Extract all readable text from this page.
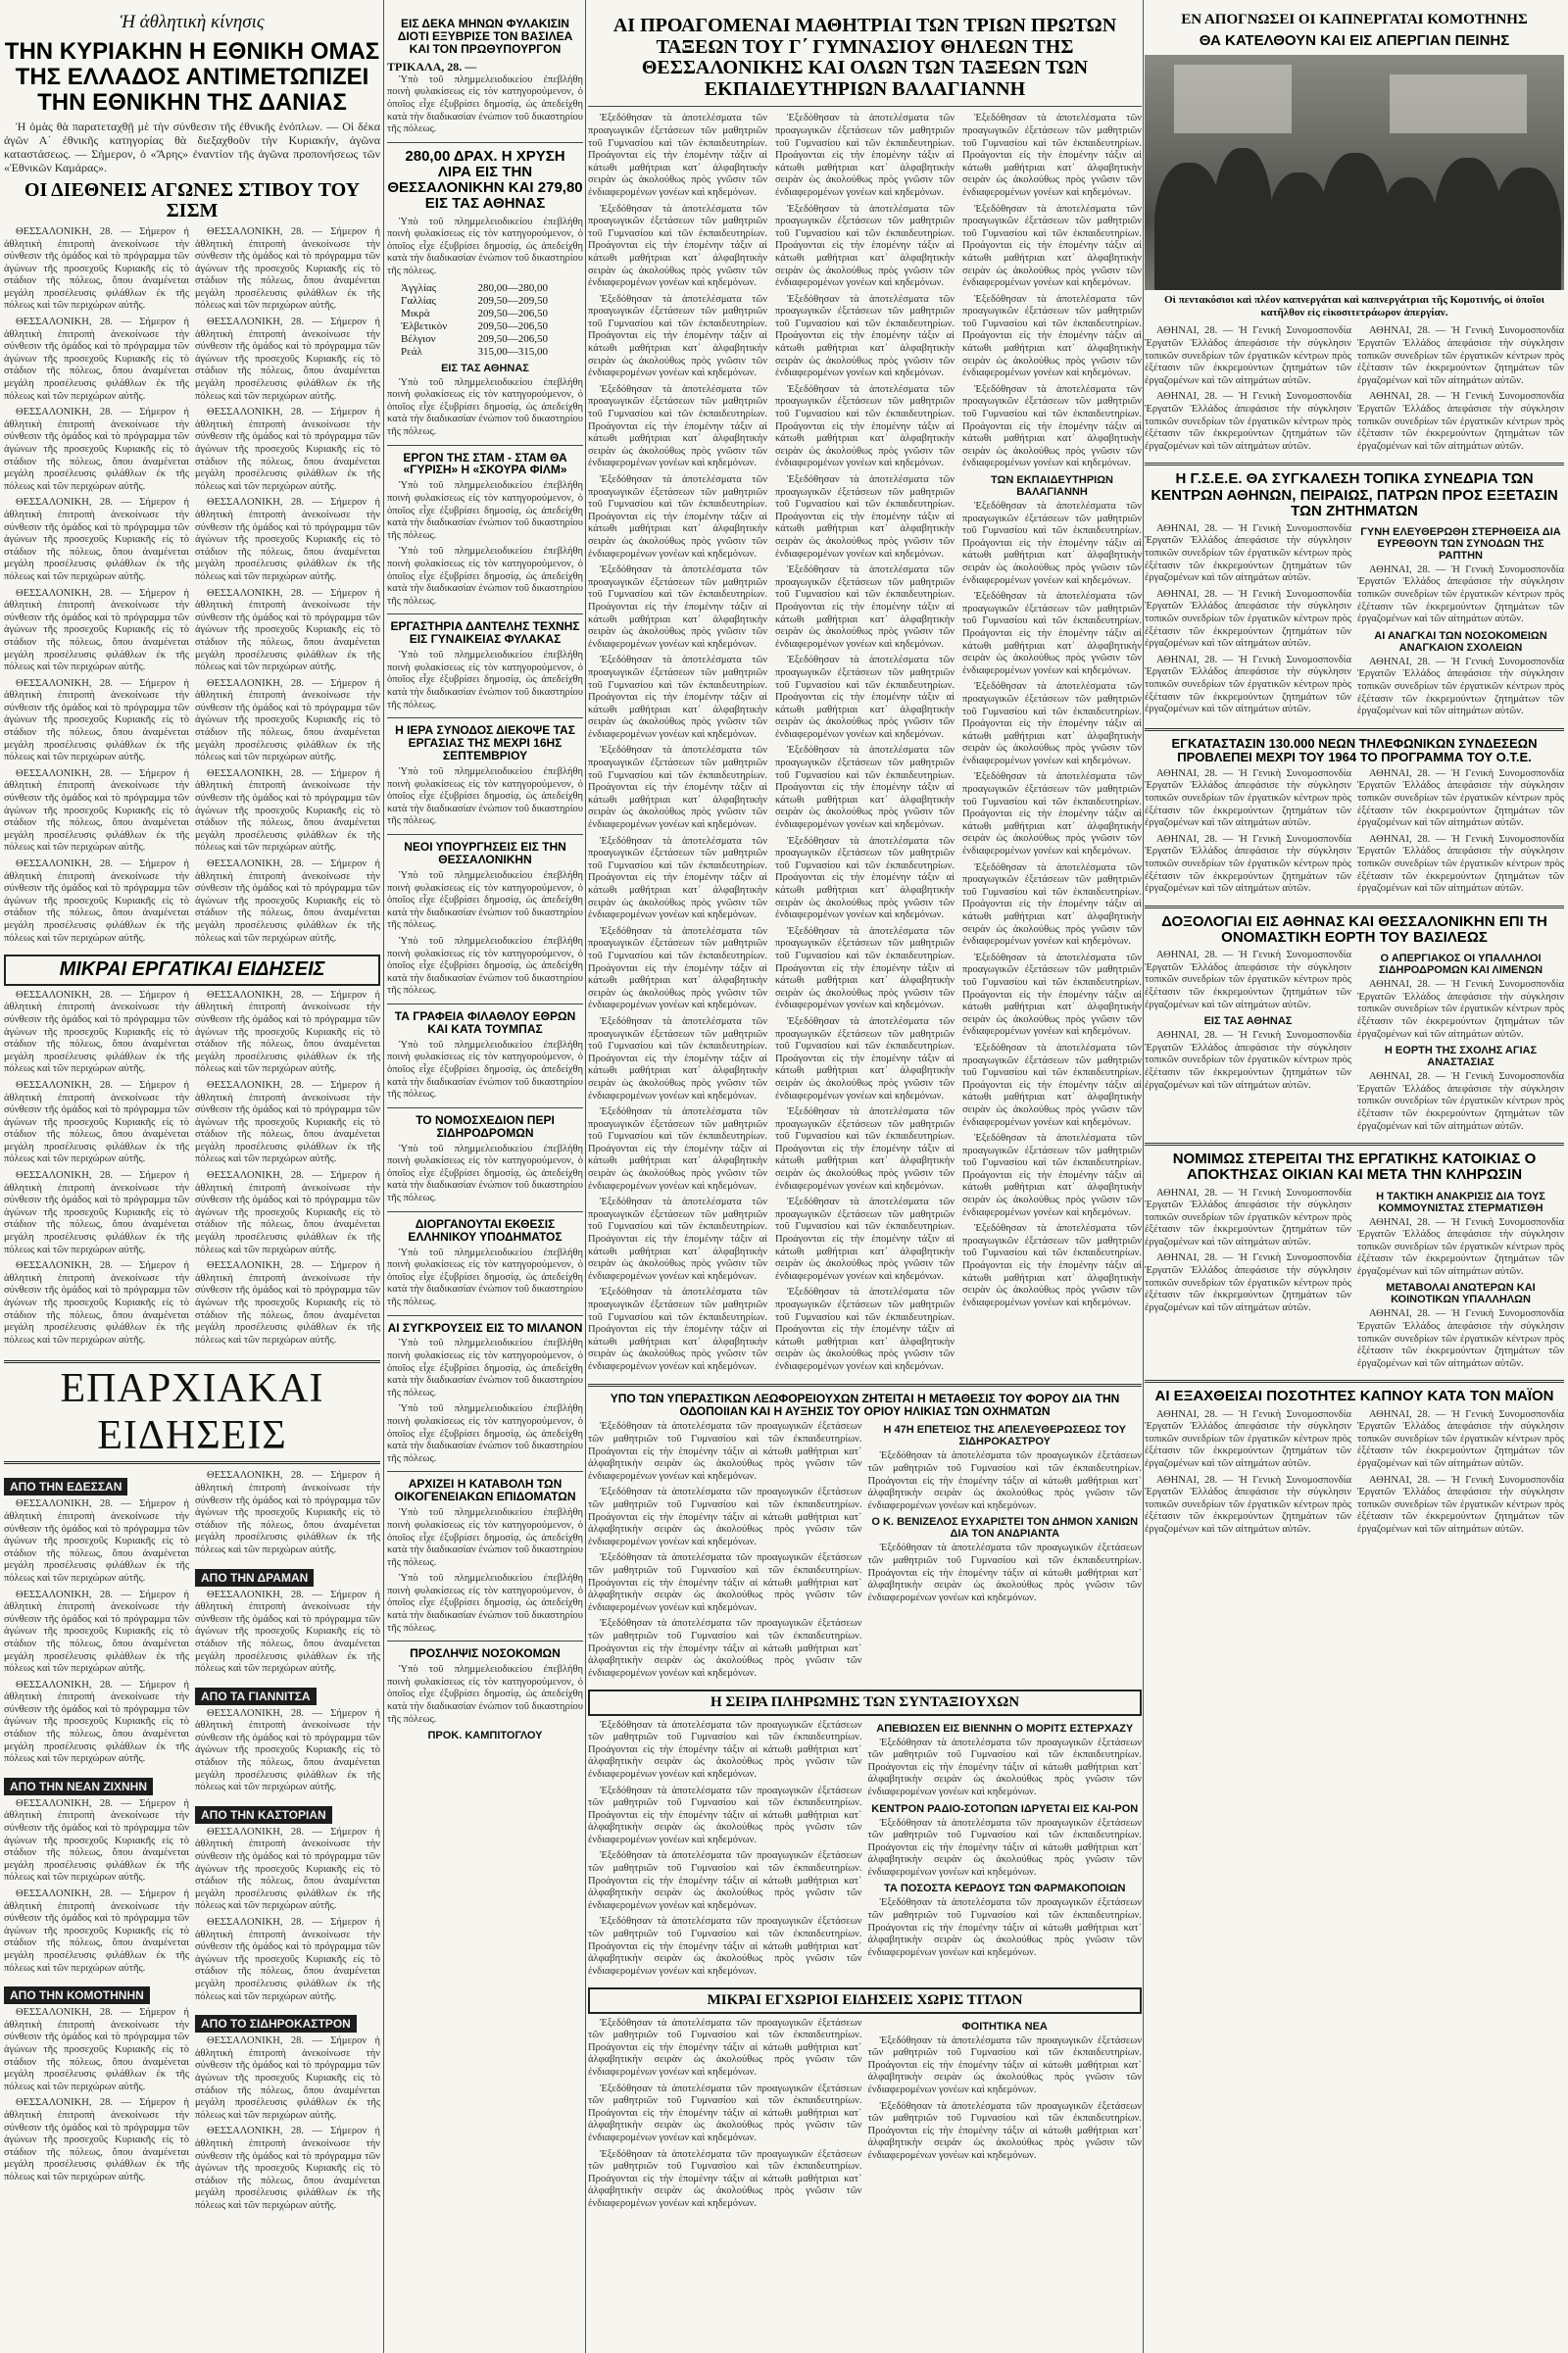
Ἡ ἀθλητικὴ κίνησις
ΤΗΝ ΚΥΡΙΑΚΗΝ Η ΕΘΝΙΚΗ ΟΜΑΣ ΤΗΣ ΕΛΛΑΔΟΣ ΑΝΤΙΜΕΤΩΠΙΖΕΙ ΤΗΝ ΕΘΝΙΚΗΝ ΤΗΣ ΔΑΝΙΑΣ

Ἡ ὁμὰς θὰ παρατεταχθῇ μὲ τὴν σύνθεσιν τῆς ἐθνικῆς ἑνόπλων. — Οἱ δέκα ἀγῶν Α΄ ἐθνικῆς κατηγορίας θὰ διεξαχθοῦν τὴν Κυριακήν, ἀγῶνα καταστάσεως. — Σήμερον, ὁ «Ἄρης» ἐναντίον τῆς ἀγῶνα προπονήσεως τῶν «Ἐθνικῶν Καμάρας».

ΟΙ ΔΙΕΘΝΕΙΣ ΑΓΩΝΕΣ ΣΤΙΒΟΥ ΤΟΥ ΣΙΣΜ

ΘΕΣΣΑΛΟΝΙΚΗ, 28. — Σήμερον ἡ ἀθλητικὴ ἐπιτροπὴ ἀνεκοίνωσε τὴν σύνθεσιν τῆς ὁμάδος καὶ τὸ πρόγραμμα τῶν ἀγώνων τῆς προσεχοῦς Κυριακῆς εἰς τὸ στάδιον τῆς πόλεως, ὅπου ἀναμένεται μεγάλη προσέλευσις φιλάθλων ἐκ τῆς πόλεως καὶ τῶν περιχώρων αὐτῆς.

ΘΕΣΣΑΛΟΝΙΚΗ, 28. — Σήμερον ἡ ἀθλητικὴ ἐπιτροπὴ ἀνεκοίνωσε τὴν σύνθεσιν τῆς ὁμάδος καὶ τὸ πρόγραμμα τῶν ἀγώνων τῆς προσεχοῦς Κυριακῆς εἰς τὸ στάδιον τῆς πόλεως, ὅπου ἀναμένεται μεγάλη προσέλευσις φιλάθλων ἐκ τῆς πόλεως καὶ τῶν περιχώρων αὐτῆς.

ΘΕΣΣΑΛΟΝΙΚΗ, 28. — Σήμερον ἡ ἀθλητικὴ ἐπιτροπὴ ἀνεκοίνωσε τὴν σύνθεσιν τῆς ὁμάδος καὶ τὸ πρόγραμμα τῶν ἀγώνων τῆς προσεχοῦς Κυριακῆς εἰς τὸ στάδιον τῆς πόλεως, ὅπου ἀναμένεται μεγάλη προσέλευσις φιλάθλων ἐκ τῆς πόλεως καὶ τῶν περιχώρων αὐτῆς.

ΘΕΣΣΑΛΟΝΙΚΗ, 28. — Σήμερον ἡ ἀθλητικὴ ἐπιτροπὴ ἀνεκοίνωσε τὴν σύνθεσιν τῆς ὁμάδος καὶ τὸ πρόγραμμα τῶν ἀγώνων τῆς προσεχοῦς Κυριακῆς εἰς τὸ στάδιον τῆς πόλεως, ὅπου ἀναμένεται μεγάλη προσέλευσις φιλάθλων ἐκ τῆς πόλεως καὶ τῶν περιχώρων αὐτῆς.

ΘΕΣΣΑΛΟΝΙΚΗ, 28. — Σήμερον ἡ ἀθλητικὴ ἐπιτροπὴ ἀνεκοίνωσε τὴν σύνθεσιν τῆς ὁμάδος καὶ τὸ πρόγραμμα τῶν ἀγώνων τῆς προσεχοῦς Κυριακῆς εἰς τὸ στάδιον τῆς πόλεως, ὅπου ἀναμένεται μεγάλη προσέλευσις φιλάθλων ἐκ τῆς πόλεως καὶ τῶν περιχώρων αὐτῆς.

ΘΕΣΣΑΛΟΝΙΚΗ, 28. — Σήμερον ἡ ἀθλητικὴ ἐπιτροπὴ ἀνεκοίνωσε τὴν σύνθεσιν τῆς ὁμάδος καὶ τὸ πρόγραμμα τῶν ἀγώνων τῆς προσεχοῦς Κυριακῆς εἰς τὸ στάδιον τῆς πόλεως, ὅπου ἀναμένεται μεγάλη προσέλευσις φιλάθλων ἐκ τῆς πόλεως καὶ τῶν περιχώρων αὐτῆς.

ΘΕΣΣΑΛΟΝΙΚΗ, 28. — Σήμερον ἡ ἀθλητικὴ ἐπιτροπὴ ἀνεκοίνωσε τὴν σύνθεσιν τῆς ὁμάδος καὶ τὸ πρόγραμμα τῶν ἀγώνων τῆς προσεχοῦς Κυριακῆς εἰς τὸ στάδιον τῆς πόλεως, ὅπου ἀναμένεται μεγάλη προσέλευσις φιλάθλων ἐκ τῆς πόλεως καὶ τῶν περιχώρων αὐτῆς.

ΘΕΣΣΑΛΟΝΙΚΗ, 28. — Σήμερον ἡ ἀθλητικὴ ἐπιτροπὴ ἀνεκοίνωσε τὴν σύνθεσιν τῆς ὁμάδος καὶ τὸ πρόγραμμα τῶν ἀγώνων τῆς προσεχοῦς Κυριακῆς εἰς τὸ στάδιον τῆς πόλεως, ὅπου ἀναμένεται μεγάλη προσέλευσις φιλάθλων ἐκ τῆς πόλεως καὶ τῶν περιχώρων αὐτῆς.

ΘΕΣΣΑΛΟΝΙΚΗ, 28. — Σήμερον ἡ ἀθλητικὴ ἐπιτροπὴ ἀνεκοίνωσε τὴν σύνθεσιν τῆς ὁμάδος καὶ τὸ πρόγραμμα τῶν ἀγώνων τῆς προσεχοῦς Κυριακῆς εἰς τὸ στάδιον τῆς πόλεως, ὅπου ἀναμένεται μεγάλη προσέλευσις φιλάθλων ἐκ τῆς πόλεως καὶ τῶν περιχώρων αὐτῆς.

ΘΕΣΣΑΛΟΝΙΚΗ, 28. — Σήμερον ἡ ἀθλητικὴ ἐπιτροπὴ ἀνεκοίνωσε τὴν σύνθεσιν τῆς ὁμάδος καὶ τὸ πρόγραμμα τῶν ἀγώνων τῆς προσεχοῦς Κυριακῆς εἰς τὸ στάδιον τῆς πόλεως, ὅπου ἀναμένεται μεγάλη προσέλευσις φιλάθλων ἐκ τῆς πόλεως καὶ τῶν περιχώρων αὐτῆς.

ΘΕΣΣΑΛΟΝΙΚΗ, 28. — Σήμερον ἡ ἀθλητικὴ ἐπιτροπὴ ἀνεκοίνωσε τὴν σύνθεσιν τῆς ὁμάδος καὶ τὸ πρόγραμμα τῶν ἀγώνων τῆς προσεχοῦς Κυριακῆς εἰς τὸ στάδιον τῆς πόλεως, ὅπου ἀναμένεται μεγάλη προσέλευσις φιλάθλων ἐκ τῆς πόλεως καὶ τῶν περιχώρων αὐτῆς.

ΘΕΣΣΑΛΟΝΙΚΗ, 28. — Σήμερον ἡ ἀθλητικὴ ἐπιτροπὴ ἀνεκοίνωσε τὴν σύνθεσιν τῆς ὁμάδος καὶ τὸ πρόγραμμα τῶν ἀγώνων τῆς προσεχοῦς Κυριακῆς εἰς τὸ στάδιον τῆς πόλεως, ὅπου ἀναμένεται μεγάλη προσέλευσις φιλάθλων ἐκ τῆς πόλεως καὶ τῶν περιχώρων αὐτῆς.

ΘΕΣΣΑΛΟΝΙΚΗ, 28. — Σήμερον ἡ ἀθλητικὴ ἐπιτροπὴ ἀνεκοίνωσε τὴν σύνθεσιν τῆς ὁμάδος καὶ τὸ πρόγραμμα τῶν ἀγώνων τῆς προσεχοῦς Κυριακῆς εἰς τὸ στάδιον τῆς πόλεως, ὅπου ἀναμένεται μεγάλη προσέλευσις φιλάθλων ἐκ τῆς πόλεως καὶ τῶν περιχώρων αὐτῆς.

ΘΕΣΣΑΛΟΝΙΚΗ, 28. — Σήμερον ἡ ἀθλητικὴ ἐπιτροπὴ ἀνεκοίνωσε τὴν σύνθεσιν τῆς ὁμάδος καὶ τὸ πρόγραμμα τῶν ἀγώνων τῆς προσεχοῦς Κυριακῆς εἰς τὸ στάδιον τῆς πόλεως, ὅπου ἀναμένεται μεγάλη προσέλευσις φιλάθλων ἐκ τῆς πόλεως καὶ τῶν περιχώρων αὐτῆς.

ΘΕΣΣΑΛΟΝΙΚΗ, 28. — Σήμερον ἡ ἀθλητικὴ ἐπιτροπὴ ἀνεκοίνωσε τὴν σύνθεσιν τῆς ὁμάδος καὶ τὸ πρόγραμμα τῶν ἀγώνων τῆς προσεχοῦς Κυριακῆς εἰς τὸ στάδιον τῆς πόλεως, ὅπου ἀναμένεται μεγάλη προσέλευσις φιλάθλων ἐκ τῆς πόλεως καὶ τῶν περιχώρων αὐτῆς.

ΘΕΣΣΑΛΟΝΙΚΗ, 28. — Σήμερον ἡ ἀθλητικὴ ἐπιτροπὴ ἀνεκοίνωσε τὴν σύνθεσιν τῆς ὁμάδος καὶ τὸ πρόγραμμα τῶν ἀγώνων τῆς προσεχοῦς Κυριακῆς εἰς τὸ στάδιον τῆς πόλεως, ὅπου ἀναμένεται μεγάλη προσέλευσις φιλάθλων ἐκ τῆς πόλεως καὶ τῶν περιχώρων αὐτῆς.

ΜΙΚΡΑΙ ΕΡΓΑΤΙΚΑΙ ΕΙΔΗΣΕΙΣ

ΘΕΣΣΑΛΟΝΙΚΗ, 28. — Σήμερον ἡ ἀθλητικὴ ἐπιτροπὴ ἀνεκοίνωσε τὴν σύνθεσιν τῆς ὁμάδος καὶ τὸ πρόγραμμα τῶν ἀγώνων τῆς προσεχοῦς Κυριακῆς εἰς τὸ στάδιον τῆς πόλεως, ὅπου ἀναμένεται μεγάλη προσέλευσις φιλάθλων ἐκ τῆς πόλεως καὶ τῶν περιχώρων αὐτῆς.

ΘΕΣΣΑΛΟΝΙΚΗ, 28. — Σήμερον ἡ ἀθλητικὴ ἐπιτροπὴ ἀνεκοίνωσε τὴν σύνθεσιν τῆς ὁμάδος καὶ τὸ πρόγραμμα τῶν ἀγώνων τῆς προσεχοῦς Κυριακῆς εἰς τὸ στάδιον τῆς πόλεως, ὅπου ἀναμένεται μεγάλη προσέλευσις φιλάθλων ἐκ τῆς πόλεως καὶ τῶν περιχώρων αὐτῆς.

ΘΕΣΣΑΛΟΝΙΚΗ, 28. — Σήμερον ἡ ἀθλητικὴ ἐπιτροπὴ ἀνεκοίνωσε τὴν σύνθεσιν τῆς ὁμάδος καὶ τὸ πρόγραμμα τῶν ἀγώνων τῆς προσεχοῦς Κυριακῆς εἰς τὸ στάδιον τῆς πόλεως, ὅπου ἀναμένεται μεγάλη προσέλευσις φιλάθλων ἐκ τῆς πόλεως καὶ τῶν περιχώρων αὐτῆς.

ΘΕΣΣΑΛΟΝΙΚΗ, 28. — Σήμερον ἡ ἀθλητικὴ ἐπιτροπὴ ἀνεκοίνωσε τὴν σύνθεσιν τῆς ὁμάδος καὶ τὸ πρόγραμμα τῶν ἀγώνων τῆς προσεχοῦς Κυριακῆς εἰς τὸ στάδιον τῆς πόλεως, ὅπου ἀναμένεται μεγάλη προσέλευσις φιλάθλων ἐκ τῆς πόλεως καὶ τῶν περιχώρων αὐτῆς.

ΘΕΣΣΑΛΟΝΙΚΗ, 28. — Σήμερον ἡ ἀθλητικὴ ἐπιτροπὴ ἀνεκοίνωσε τὴν σύνθεσιν τῆς ὁμάδος καὶ τὸ πρόγραμμα τῶν ἀγώνων τῆς προσεχοῦς Κυριακῆς εἰς τὸ στάδιον τῆς πόλεως, ὅπου ἀναμένεται μεγάλη προσέλευσις φιλάθλων ἐκ τῆς πόλεως καὶ τῶν περιχώρων αὐτῆς.

ΘΕΣΣΑΛΟΝΙΚΗ, 28. — Σήμερον ἡ ἀθλητικὴ ἐπιτροπὴ ἀνεκοίνωσε τὴν σύνθεσιν τῆς ὁμάδος καὶ τὸ πρόγραμμα τῶν ἀγώνων τῆς προσεχοῦς Κυριακῆς εἰς τὸ στάδιον τῆς πόλεως, ὅπου ἀναμένεται μεγάλη προσέλευσις φιλάθλων ἐκ τῆς πόλεως καὶ τῶν περιχώρων αὐτῆς.

ΘΕΣΣΑΛΟΝΙΚΗ, 28. — Σήμερον ἡ ἀθλητικὴ ἐπιτροπὴ ἀνεκοίνωσε τὴν σύνθεσιν τῆς ὁμάδος καὶ τὸ πρόγραμμα τῶν ἀγώνων τῆς προσεχοῦς Κυριακῆς εἰς τὸ στάδιον τῆς πόλεως, ὅπου ἀναμένεται μεγάλη προσέλευσις φιλάθλων ἐκ τῆς πόλεως καὶ τῶν περιχώρων αὐτῆς.

ΘΕΣΣΑΛΟΝΙΚΗ, 28. — Σήμερον ἡ ἀθλητικὴ ἐπιτροπὴ ἀνεκοίνωσε τὴν σύνθεσιν τῆς ὁμάδος καὶ τὸ πρόγραμμα τῶν ἀγώνων τῆς προσεχοῦς Κυριακῆς εἰς τὸ στάδιον τῆς πόλεως, ὅπου ἀναμένεται μεγάλη προσέλευσις φιλάθλων ἐκ τῆς πόλεως καὶ τῶν περιχώρων αὐτῆς.

ΕΠΑΡΧΙΑΚΑΙ ΕΙΔΗΣΕΙΣ
ΑΠΟ ΤΗΝ ΕΔΕΣΣΑΝ

ΘΕΣΣΑΛΟΝΙΚΗ, 28. — Σήμερον ἡ ἀθλητικὴ ἐπιτροπὴ ἀνεκοίνωσε τὴν σύνθεσιν τῆς ὁμάδος καὶ τὸ πρόγραμμα τῶν ἀγώνων τῆς προσεχοῦς Κυριακῆς εἰς τὸ στάδιον τῆς πόλεως, ὅπου ἀναμένεται μεγάλη προσέλευσις φιλάθλων ἐκ τῆς πόλεως καὶ τῶν περιχώρων αὐτῆς.

ΘΕΣΣΑΛΟΝΙΚΗ, 28. — Σήμερον ἡ ἀθλητικὴ ἐπιτροπὴ ἀνεκοίνωσε τὴν σύνθεσιν τῆς ὁμάδος καὶ τὸ πρόγραμμα τῶν ἀγώνων τῆς προσεχοῦς Κυριακῆς εἰς τὸ στάδιον τῆς πόλεως, ὅπου ἀναμένεται μεγάλη προσέλευσις φιλάθλων ἐκ τῆς πόλεως καὶ τῶν περιχώρων αὐτῆς.

ΘΕΣΣΑΛΟΝΙΚΗ, 28. — Σήμερον ἡ ἀθλητικὴ ἐπιτροπὴ ἀνεκοίνωσε τὴν σύνθεσιν τῆς ὁμάδος καὶ τὸ πρόγραμμα τῶν ἀγώνων τῆς προσεχοῦς Κυριακῆς εἰς τὸ στάδιον τῆς πόλεως, ὅπου ἀναμένεται μεγάλη προσέλευσις φιλάθλων ἐκ τῆς πόλεως καὶ τῶν περιχώρων αὐτῆς.

ΑΠΟ ΤΗΝ ΝΕΑΝ ΖΙΧΝΗΝ

ΘΕΣΣΑΛΟΝΙΚΗ, 28. — Σήμερον ἡ ἀθλητικὴ ἐπιτροπὴ ἀνεκοίνωσε τὴν σύνθεσιν τῆς ὁμάδος καὶ τὸ πρόγραμμα τῶν ἀγώνων τῆς προσεχοῦς Κυριακῆς εἰς τὸ στάδιον τῆς πόλεως, ὅπου ἀναμένεται μεγάλη προσέλευσις φιλάθλων ἐκ τῆς πόλεως καὶ τῶν περιχώρων αὐτῆς.

ΘΕΣΣΑΛΟΝΙΚΗ, 28. — Σήμερον ἡ ἀθλητικὴ ἐπιτροπὴ ἀνεκοίνωσε τὴν σύνθεσιν τῆς ὁμάδος καὶ τὸ πρόγραμμα τῶν ἀγώνων τῆς προσεχοῦς Κυριακῆς εἰς τὸ στάδιον τῆς πόλεως, ὅπου ἀναμένεται μεγάλη προσέλευσις φιλάθλων ἐκ τῆς πόλεως καὶ τῶν περιχώρων αὐτῆς.

ΑΠΟ ΤΗΝ ΚΟΜΟΤΗΝΗΝ

ΘΕΣΣΑΛΟΝΙΚΗ, 28. — Σήμερον ἡ ἀθλητικὴ ἐπιτροπὴ ἀνεκοίνωσε τὴν σύνθεσιν τῆς ὁμάδος καὶ τὸ πρόγραμμα τῶν ἀγώνων τῆς προσεχοῦς Κυριακῆς εἰς τὸ στάδιον τῆς πόλεως, ὅπου ἀναμένεται μεγάλη προσέλευσις φιλάθλων ἐκ τῆς πόλεως καὶ τῶν περιχώρων αὐτῆς.

ΘΕΣΣΑΛΟΝΙΚΗ, 28. — Σήμερον ἡ ἀθλητικὴ ἐπιτροπὴ ἀνεκοίνωσε τὴν σύνθεσιν τῆς ὁμάδος καὶ τὸ πρόγραμμα τῶν ἀγώνων τῆς προσεχοῦς Κυριακῆς εἰς τὸ στάδιον τῆς πόλεως, ὅπου ἀναμένεται μεγάλη προσέλευσις φιλάθλων ἐκ τῆς πόλεως καὶ τῶν περιχώρων αὐτῆς.

ΘΕΣΣΑΛΟΝΙΚΗ, 28. — Σήμερον ἡ ἀθλητικὴ ἐπιτροπὴ ἀνεκοίνωσε τὴν σύνθεσιν τῆς ὁμάδος καὶ τὸ πρόγραμμα τῶν ἀγώνων τῆς προσεχοῦς Κυριακῆς εἰς τὸ στάδιον τῆς πόλεως, ὅπου ἀναμένεται μεγάλη προσέλευσις φιλάθλων ἐκ τῆς πόλεως καὶ τῶν περιχώρων αὐτῆς.

ΑΠΟ ΤΗΝ ΔΡΑΜΑΝ

ΘΕΣΣΑΛΟΝΙΚΗ, 28. — Σήμερον ἡ ἀθλητικὴ ἐπιτροπὴ ἀνεκοίνωσε τὴν σύνθεσιν τῆς ὁμάδος καὶ τὸ πρόγραμμα τῶν ἀγώνων τῆς προσεχοῦς Κυριακῆς εἰς τὸ στάδιον τῆς πόλεως, ὅπου ἀναμένεται μεγάλη προσέλευσις φιλάθλων ἐκ τῆς πόλεως καὶ τῶν περιχώρων αὐτῆς.

ΑΠΟ ΤΑ ΓΙΑΝΝΙΤΣΑ

ΘΕΣΣΑΛΟΝΙΚΗ, 28. — Σήμερον ἡ ἀθλητικὴ ἐπιτροπὴ ἀνεκοίνωσε τὴν σύνθεσιν τῆς ὁμάδος καὶ τὸ πρόγραμμα τῶν ἀγώνων τῆς προσεχοῦς Κυριακῆς εἰς τὸ στάδιον τῆς πόλεως, ὅπου ἀναμένεται μεγάλη προσέλευσις φιλάθλων ἐκ τῆς πόλεως καὶ τῶν περιχώρων αὐτῆς.

ΑΠΟ ΤΗΝ ΚΑΣΤΟΡΙΑΝ

ΘΕΣΣΑΛΟΝΙΚΗ, 28. — Σήμερον ἡ ἀθλητικὴ ἐπιτροπὴ ἀνεκοίνωσε τὴν σύνθεσιν τῆς ὁμάδος καὶ τὸ πρόγραμμα τῶν ἀγώνων τῆς προσεχοῦς Κυριακῆς εἰς τὸ στάδιον τῆς πόλεως, ὅπου ἀναμένεται μεγάλη προσέλευσις φιλάθλων ἐκ τῆς πόλεως καὶ τῶν περιχώρων αὐτῆς.

ΘΕΣΣΑΛΟΝΙΚΗ, 28. — Σήμερον ἡ ἀθλητικὴ ἐπιτροπὴ ἀνεκοίνωσε τὴν σύνθεσιν τῆς ὁμάδος καὶ τὸ πρόγραμμα τῶν ἀγώνων τῆς προσεχοῦς Κυριακῆς εἰς τὸ στάδιον τῆς πόλεως, ὅπου ἀναμένεται μεγάλη προσέλευσις φιλάθλων ἐκ τῆς πόλεως καὶ τῶν περιχώρων αὐτῆς.

ΑΠΟ ΤΟ ΣΙΔΗΡΟΚΑΣΤΡΟΝ

ΘΕΣΣΑΛΟΝΙΚΗ, 28. — Σήμερον ἡ ἀθλητικὴ ἐπιτροπὴ ἀνεκοίνωσε τὴν σύνθεσιν τῆς ὁμάδος καὶ τὸ πρόγραμμα τῶν ἀγώνων τῆς προσεχοῦς Κυριακῆς εἰς τὸ στάδιον τῆς πόλεως, ὅπου ἀναμένεται μεγάλη προσέλευσις φιλάθλων ἐκ τῆς πόλεως καὶ τῶν περιχώρων αὐτῆς.

ΘΕΣΣΑΛΟΝΙΚΗ, 28. — Σήμερον ἡ ἀθλητικὴ ἐπιτροπὴ ἀνεκοίνωσε τὴν σύνθεσιν τῆς ὁμάδος καὶ τὸ πρόγραμμα τῶν ἀγώνων τῆς προσεχοῦς Κυριακῆς εἰς τὸ στάδιον τῆς πόλεως, ὅπου ἀναμένεται μεγάλη προσέλευσις φιλάθλων ἐκ τῆς πόλεως καὶ τῶν περιχώρων αὐτῆς.

ΕΙΣ ΔΕΚΑ ΜΗΝΩΝ ΦΥΛΑΚΙΣΙΝ ΔΙΟΤΙ ΕΞΥΒΡΙΣΕ ΤΟΝ ΒΑΣΙΛΕΑ ΚΑΙ ΤΟΝ ΠΡΩΘΥΠΟΥΡΓΟΝ
ΤΡΙΚΑΛΑ, 28. —

Ὑπὸ τοῦ πλημμελειοδικείου ἐπεβλήθη ποινὴ φυλακίσεως εἰς τὸν κατηγορούμενον, ὁ ὁποῖος εἶχε ἐξυβρίσει δημοσίᾳ, ὡς ἀπεδείχθη κατὰ τὴν διαδικασίαν ἐνώπιον τοῦ δικαστηρίου τῆς πόλεως.

280,00 ΔΡΑΧ. Η ΧΡΥΣΗ ΛΙΡΑ ΕΙΣ ΤΗΝ ΘΕΣΣΑΛΟΝΙΚΗΝ ΚΑΙ 279,80 ΕΙΣ ΤΑΣ ΑΘΗΝΑΣ

Ὑπὸ τοῦ πλημμελειοδικείου ἐπεβλήθη ποινὴ φυλακίσεως εἰς τὸν κατηγορούμενον, ὁ ὁποῖος εἶχε ἐξυβρίσει δημοσίᾳ, ὡς ἀπεδείχθη κατὰ τὴν διαδικασίαν ἐνώπιον τοῦ δικαστηρίου τῆς πόλεως.

Ἀγγλίας	280,00—280,00
Γαλλίας	209,50—209,50
Μικρὰ	209,50—206,50
Ἐλβετικὸν	209,50—206,50
Βέλγιον	209,50—206,50
Ρεάλ	315,00—315,00
ΕΙΣ ΤΑΣ ΑΘΗΝΑΣ

Ὑπὸ τοῦ πλημμελειοδικείου ἐπεβλήθη ποινὴ φυλακίσεως εἰς τὸν κατηγορούμενον, ὁ ὁποῖος εἶχε ἐξυβρίσει δημοσίᾳ, ὡς ἀπεδείχθη κατὰ τὴν διαδικασίαν ἐνώπιον τοῦ δικαστηρίου τῆς πόλεως.

ΕΡΓΟΝ ΤΗΣ ΣΤΑΜ - ΣΤΑΜ ΘΑ «ΓΥΡΙΣΗ» Η «ΣΚΟΥΡΑ ΦΙΛΜ»

Ὑπὸ τοῦ πλημμελειοδικείου ἐπεβλήθη ποινὴ φυλακίσεως εἰς τὸν κατηγορούμενον, ὁ ὁποῖος εἶχε ἐξυβρίσει δημοσίᾳ, ὡς ἀπεδείχθη κατὰ τὴν διαδικασίαν ἐνώπιον τοῦ δικαστηρίου τῆς πόλεως.

Ὑπὸ τοῦ πλημμελειοδικείου ἐπεβλήθη ποινὴ φυλακίσεως εἰς τὸν κατηγορούμενον, ὁ ὁποῖος εἶχε ἐξυβρίσει δημοσίᾳ, ὡς ἀπεδείχθη κατὰ τὴν διαδικασίαν ἐνώπιον τοῦ δικαστηρίου τῆς πόλεως.

ΕΡΓΑΣΤΗΡΙΑ ΔΑΝΤΕΛΗΣ ΤΕΧΝΗΣ ΕΙΣ ΓΥΝΑΙΚΕΙΑΣ ΦΥΛΑΚΑΣ

Ὑπὸ τοῦ πλημμελειοδικείου ἐπεβλήθη ποινὴ φυλακίσεως εἰς τὸν κατηγορούμενον, ὁ ὁποῖος εἶχε ἐξυβρίσει δημοσίᾳ, ὡς ἀπεδείχθη κατὰ τὴν διαδικασίαν ἐνώπιον τοῦ δικαστηρίου τῆς πόλεως.

Η ΙΕΡΑ ΣΥΝΟΔΟΣ ΔΙΕΚΟΨΕ ΤΑΣ ΕΡΓΑΣΙΑΣ ΤΗΣ ΜΕΧΡΙ 16ΗΣ ΣΕΠΤΕΜΒΡΙΟΥ

Ὑπὸ τοῦ πλημμελειοδικείου ἐπεβλήθη ποινὴ φυλακίσεως εἰς τὸν κατηγορούμενον, ὁ ὁποῖος εἶχε ἐξυβρίσει δημοσίᾳ, ὡς ἀπεδείχθη κατὰ τὴν διαδικασίαν ἐνώπιον τοῦ δικαστηρίου τῆς πόλεως.

ΝΕΟΙ ΥΠΟΥΡΓΗΣΕΙΣ ΕΙΣ ΤΗΝ ΘΕΣΣΑΛΟΝΙΚΗΝ

Ὑπὸ τοῦ πλημμελειοδικείου ἐπεβλήθη ποινὴ φυλακίσεως εἰς τὸν κατηγορούμενον, ὁ ὁποῖος εἶχε ἐξυβρίσει δημοσίᾳ, ὡς ἀπεδείχθη κατὰ τὴν διαδικασίαν ἐνώπιον τοῦ δικαστηρίου τῆς πόλεως.

Ὑπὸ τοῦ πλημμελειοδικείου ἐπεβλήθη ποινὴ φυλακίσεως εἰς τὸν κατηγορούμενον, ὁ ὁποῖος εἶχε ἐξυβρίσει δημοσίᾳ, ὡς ἀπεδείχθη κατὰ τὴν διαδικασίαν ἐνώπιον τοῦ δικαστηρίου τῆς πόλεως.

ΤΑ ΓΡΑΦΕΙΑ ΦΙΛΑΘΛΟΥ ΕΘΡΩΝ ΚΑΙ ΚΑΤΑ ΤΟΥΜΠΑΣ

Ὑπὸ τοῦ πλημμελειοδικείου ἐπεβλήθη ποινὴ φυλακίσεως εἰς τὸν κατηγορούμενον, ὁ ὁποῖος εἶχε ἐξυβρίσει δημοσίᾳ, ὡς ἀπεδείχθη κατὰ τὴν διαδικασίαν ἐνώπιον τοῦ δικαστηρίου τῆς πόλεως.

ΤΟ ΝΟΜΟΣΧΕΔΙΟΝ ΠΕΡΙ ΣΙΔΗΡΟΔΡΟΜΩΝ

Ὑπὸ τοῦ πλημμελειοδικείου ἐπεβλήθη ποινὴ φυλακίσεως εἰς τὸν κατηγορούμενον, ὁ ὁποῖος εἶχε ἐξυβρίσει δημοσίᾳ, ὡς ἀπεδείχθη κατὰ τὴν διαδικασίαν ἐνώπιον τοῦ δικαστηρίου τῆς πόλεως.

ΔΙΟΡΓΑΝΟΥΤΑΙ ΕΚΘΕΣΙΣ ΕΛΛΗΝΙΚΟΥ ΥΠΟΔΗΜΑΤΟΣ

Ὑπὸ τοῦ πλημμελειοδικείου ἐπεβλήθη ποινὴ φυλακίσεως εἰς τὸν κατηγορούμενον, ὁ ὁποῖος εἶχε ἐξυβρίσει δημοσίᾳ, ὡς ἀπεδείχθη κατὰ τὴν διαδικασίαν ἐνώπιον τοῦ δικαστηρίου τῆς πόλεως.

ΑΙ ΣΥΓΚΡΟΥΣΕΙΣ ΕΙΣ ΤΟ ΜΙΛΑΝΟΝ

Ὑπὸ τοῦ πλημμελειοδικείου ἐπεβλήθη ποινὴ φυλακίσεως εἰς τὸν κατηγορούμενον, ὁ ὁποῖος εἶχε ἐξυβρίσει δημοσίᾳ, ὡς ἀπεδείχθη κατὰ τὴν διαδικασίαν ἐνώπιον τοῦ δικαστηρίου τῆς πόλεως.

Ὑπὸ τοῦ πλημμελειοδικείου ἐπεβλήθη ποινὴ φυλακίσεως εἰς τὸν κατηγορούμενον, ὁ ὁποῖος εἶχε ἐξυβρίσει δημοσίᾳ, ὡς ἀπεδείχθη κατὰ τὴν διαδικασίαν ἐνώπιον τοῦ δικαστηρίου τῆς πόλεως.

ΑΡΧΙΖΕΙ Η ΚΑΤΑΒΟΛΗ ΤΩΝ ΟΙΚΟΓΕΝΕΙΑΚΩΝ ΕΠΙΔΟΜΑΤΩΝ

Ὑπὸ τοῦ πλημμελειοδικείου ἐπεβλήθη ποινὴ φυλακίσεως εἰς τὸν κατηγορούμενον, ὁ ὁποῖος εἶχε ἐξυβρίσει δημοσίᾳ, ὡς ἀπεδείχθη κατὰ τὴν διαδικασίαν ἐνώπιον τοῦ δικαστηρίου τῆς πόλεως.

Ὑπὸ τοῦ πλημμελειοδικείου ἐπεβλήθη ποινὴ φυλακίσεως εἰς τὸν κατηγορούμενον, ὁ ὁποῖος εἶχε ἐξυβρίσει δημοσίᾳ, ὡς ἀπεδείχθη κατὰ τὴν διαδικασίαν ἐνώπιον τοῦ δικαστηρίου τῆς πόλεως.

ΠΡΟΣΛΗΨΙΣ ΝΟΣΟΚΟΜΩΝ

Ὑπὸ τοῦ πλημμελειοδικείου ἐπεβλήθη ποινὴ φυλακίσεως εἰς τὸν κατηγορούμενον, ὁ ὁποῖος εἶχε ἐξυβρίσει δημοσίᾳ, ὡς ἀπεδείχθη κατὰ τὴν διαδικασίαν ἐνώπιον τοῦ δικαστηρίου τῆς πόλεως.

ΠΡΟΚ. ΚΑΜΠΙΤΟΓΛΟΥ
ΑΙ ΠΡΟΑΓΟΜΕΝΑΙ ΜΑΘΗΤΡΙΑΙ ΤΩΝ ΤΡΙΩΝ ΠΡΩΤΩΝ ΤΑΞΕΩΝ ΤΟΥ Γ΄ ΓΥΜΝΑΣΙΟΥ ΘΗΛΕΩΝ ΤΗΣ ΘΕΣΣΑΛΟΝΙΚΗΣ ΚΑΙ ΟΛΩΝ ΤΩΝ ΤΑΞΕΩΝ ΤΩΝ ΕΚΠΑΙΔΕΥΤΗΡΙΩΝ ΒΑΛΑΓΙΑΝΝΗ

Ἐξεδόθησαν τὰ ἀποτελέσματα τῶν προαγωγικῶν ἐξετάσεων τῶν μαθητριῶν τοῦ Γυμνασίου καὶ τῶν ἐκπαιδευτηρίων. Προάγονται εἰς τὴν ἑπομένην τάξιν αἱ κάτωθι μαθήτριαι κατ᾽ ἀλφαβητικὴν σειρὰν ὡς ἀκολούθως πρὸς γνῶσιν τῶν ἐνδιαφερομένων γονέων καὶ κηδεμόνων.

Ἐξεδόθησαν τὰ ἀποτελέσματα τῶν προαγωγικῶν ἐξετάσεων τῶν μαθητριῶν τοῦ Γυμνασίου καὶ τῶν ἐκπαιδευτηρίων. Προάγονται εἰς τὴν ἑπομένην τάξιν αἱ κάτωθι μαθήτριαι κατ᾽ ἀλφαβητικὴν σειρὰν ὡς ἀκολούθως πρὸς γνῶσιν τῶν ἐνδιαφερομένων γονέων καὶ κηδεμόνων.

Ἐξεδόθησαν τὰ ἀποτελέσματα τῶν προαγωγικῶν ἐξετάσεων τῶν μαθητριῶν τοῦ Γυμνασίου καὶ τῶν ἐκπαιδευτηρίων. Προάγονται εἰς τὴν ἑπομένην τάξιν αἱ κάτωθι μαθήτριαι κατ᾽ ἀλφαβητικὴν σειρὰν ὡς ἀκολούθως πρὸς γνῶσιν τῶν ἐνδιαφερομένων γονέων καὶ κηδεμόνων.

Ἐξεδόθησαν τὰ ἀποτελέσματα τῶν προαγωγικῶν ἐξετάσεων τῶν μαθητριῶν τοῦ Γυμνασίου καὶ τῶν ἐκπαιδευτηρίων. Προάγονται εἰς τὴν ἑπομένην τάξιν αἱ κάτωθι μαθήτριαι κατ᾽ ἀλφαβητικὴν σειρὰν ὡς ἀκολούθως πρὸς γνῶσιν τῶν ἐνδιαφερομένων γονέων καὶ κηδεμόνων.

Ἐξεδόθησαν τὰ ἀποτελέσματα τῶν προαγωγικῶν ἐξετάσεων τῶν μαθητριῶν τοῦ Γυμνασίου καὶ τῶν ἐκπαιδευτηρίων. Προάγονται εἰς τὴν ἑπομένην τάξιν αἱ κάτωθι μαθήτριαι κατ᾽ ἀλφαβητικὴν σειρὰν ὡς ἀκολούθως πρὸς γνῶσιν τῶν ἐνδιαφερομένων γονέων καὶ κηδεμόνων.

Ἐξεδόθησαν τὰ ἀποτελέσματα τῶν προαγωγικῶν ἐξετάσεων τῶν μαθητριῶν τοῦ Γυμνασίου καὶ τῶν ἐκπαιδευτηρίων. Προάγονται εἰς τὴν ἑπομένην τάξιν αἱ κάτωθι μαθήτριαι κατ᾽ ἀλφαβητικὴν σειρὰν ὡς ἀκολούθως πρὸς γνῶσιν τῶν ἐνδιαφερομένων γονέων καὶ κηδεμόνων.

Ἐξεδόθησαν τὰ ἀποτελέσματα τῶν προαγωγικῶν ἐξετάσεων τῶν μαθητριῶν τοῦ Γυμνασίου καὶ τῶν ἐκπαιδευτηρίων. Προάγονται εἰς τὴν ἑπομένην τάξιν αἱ κάτωθι μαθήτριαι κατ᾽ ἀλφαβητικὴν σειρὰν ὡς ἀκολούθως πρὸς γνῶσιν τῶν ἐνδιαφερομένων γονέων καὶ κηδεμόνων.

Ἐξεδόθησαν τὰ ἀποτελέσματα τῶν προαγωγικῶν ἐξετάσεων τῶν μαθητριῶν τοῦ Γυμνασίου καὶ τῶν ἐκπαιδευτηρίων. Προάγονται εἰς τὴν ἑπομένην τάξιν αἱ κάτωθι μαθήτριαι κατ᾽ ἀλφαβητικὴν σειρὰν ὡς ἀκολούθως πρὸς γνῶσιν τῶν ἐνδιαφερομένων γονέων καὶ κηδεμόνων.

Ἐξεδόθησαν τὰ ἀποτελέσματα τῶν προαγωγικῶν ἐξετάσεων τῶν μαθητριῶν τοῦ Γυμνασίου καὶ τῶν ἐκπαιδευτηρίων. Προάγονται εἰς τὴν ἑπομένην τάξιν αἱ κάτωθι μαθήτριαι κατ᾽ ἀλφαβητικὴν σειρὰν ὡς ἀκολούθως πρὸς γνῶσιν τῶν ἐνδιαφερομένων γονέων καὶ κηδεμόνων.

Ἐξεδόθησαν τὰ ἀποτελέσματα τῶν προαγωγικῶν ἐξετάσεων τῶν μαθητριῶν τοῦ Γυμνασίου καὶ τῶν ἐκπαιδευτηρίων. Προάγονται εἰς τὴν ἑπομένην τάξιν αἱ κάτωθι μαθήτριαι κατ᾽ ἀλφαβητικὴν σειρὰν ὡς ἀκολούθως πρὸς γνῶσιν τῶν ἐνδιαφερομένων γονέων καὶ κηδεμόνων.

Ἐξεδόθησαν τὰ ἀποτελέσματα τῶν προαγωγικῶν ἐξετάσεων τῶν μαθητριῶν τοῦ Γυμνασίου καὶ τῶν ἐκπαιδευτηρίων. Προάγονται εἰς τὴν ἑπομένην τάξιν αἱ κάτωθι μαθήτριαι κατ᾽ ἀλφαβητικὴν σειρὰν ὡς ἀκολούθως πρὸς γνῶσιν τῶν ἐνδιαφερομένων γονέων καὶ κηδεμόνων.

Ἐξεδόθησαν τὰ ἀποτελέσματα τῶν προαγωγικῶν ἐξετάσεων τῶν μαθητριῶν τοῦ Γυμνασίου καὶ τῶν ἐκπαιδευτηρίων. Προάγονται εἰς τὴν ἑπομένην τάξιν αἱ κάτωθι μαθήτριαι κατ᾽ ἀλφαβητικὴν σειρὰν ὡς ἀκολούθως πρὸς γνῶσιν τῶν ἐνδιαφερομένων γονέων καὶ κηδεμόνων.

Ἐξεδόθησαν τὰ ἀποτελέσματα τῶν προαγωγικῶν ἐξετάσεων τῶν μαθητριῶν τοῦ Γυμνασίου καὶ τῶν ἐκπαιδευτηρίων. Προάγονται εἰς τὴν ἑπομένην τάξιν αἱ κάτωθι μαθήτριαι κατ᾽ ἀλφαβητικὴν σειρὰν ὡς ἀκολούθως πρὸς γνῶσιν τῶν ἐνδιαφερομένων γονέων καὶ κηδεμόνων.

Ἐξεδόθησαν τὰ ἀποτελέσματα τῶν προαγωγικῶν ἐξετάσεων τῶν μαθητριῶν τοῦ Γυμνασίου καὶ τῶν ἐκπαιδευτηρίων. Προάγονται εἰς τὴν ἑπομένην τάξιν αἱ κάτωθι μαθήτριαι κατ᾽ ἀλφαβητικὴν σειρὰν ὡς ἀκολούθως πρὸς γνῶσιν τῶν ἐνδιαφερομένων γονέων καὶ κηδεμόνων.

Ἐξεδόθησαν τὰ ἀποτελέσματα τῶν προαγωγικῶν ἐξετάσεων τῶν μαθητριῶν τοῦ Γυμνασίου καὶ τῶν ἐκπαιδευτηρίων. Προάγονται εἰς τὴν ἑπομένην τάξιν αἱ κάτωθι μαθήτριαι κατ᾽ ἀλφαβητικὴν σειρὰν ὡς ἀκολούθως πρὸς γνῶσιν τῶν ἐνδιαφερομένων γονέων καὶ κηδεμόνων.

Ἐξεδόθησαν τὰ ἀποτελέσματα τῶν προαγωγικῶν ἐξετάσεων τῶν μαθητριῶν τοῦ Γυμνασίου καὶ τῶν ἐκπαιδευτηρίων. Προάγονται εἰς τὴν ἑπομένην τάξιν αἱ κάτωθι μαθήτριαι κατ᾽ ἀλφαβητικὴν σειρὰν ὡς ἀκολούθως πρὸς γνῶσιν τῶν ἐνδιαφερομένων γονέων καὶ κηδεμόνων.

Ἐξεδόθησαν τὰ ἀποτελέσματα τῶν προαγωγικῶν ἐξετάσεων τῶν μαθητριῶν τοῦ Γυμνασίου καὶ τῶν ἐκπαιδευτηρίων. Προάγονται εἰς τὴν ἑπομένην τάξιν αἱ κάτωθι μαθήτριαι κατ᾽ ἀλφαβητικὴν σειρὰν ὡς ἀκολούθως πρὸς γνῶσιν τῶν ἐνδιαφερομένων γονέων καὶ κηδεμόνων.

Ἐξεδόθησαν τὰ ἀποτελέσματα τῶν προαγωγικῶν ἐξετάσεων τῶν μαθητριῶν τοῦ Γυμνασίου καὶ τῶν ἐκπαιδευτηρίων. Προάγονται εἰς τὴν ἑπομένην τάξιν αἱ κάτωθι μαθήτριαι κατ᾽ ἀλφαβητικὴν σειρὰν ὡς ἀκολούθως πρὸς γνῶσιν τῶν ἐνδιαφερομένων γονέων καὶ κηδεμόνων.

Ἐξεδόθησαν τὰ ἀποτελέσματα τῶν προαγωγικῶν ἐξετάσεων τῶν μαθητριῶν τοῦ Γυμνασίου καὶ τῶν ἐκπαιδευτηρίων. Προάγονται εἰς τὴν ἑπομένην τάξιν αἱ κάτωθι μαθήτριαι κατ᾽ ἀλφαβητικὴν σειρὰν ὡς ἀκολούθως πρὸς γνῶσιν τῶν ἐνδιαφερομένων γονέων καὶ κηδεμόνων.

Ἐξεδόθησαν τὰ ἀποτελέσματα τῶν προαγωγικῶν ἐξετάσεων τῶν μαθητριῶν τοῦ Γυμνασίου καὶ τῶν ἐκπαιδευτηρίων. Προάγονται εἰς τὴν ἑπομένην τάξιν αἱ κάτωθι μαθήτριαι κατ᾽ ἀλφαβητικὴν σειρὰν ὡς ἀκολούθως πρὸς γνῶσιν τῶν ἐνδιαφερομένων γονέων καὶ κηδεμόνων.

Ἐξεδόθησαν τὰ ἀποτελέσματα τῶν προαγωγικῶν ἐξετάσεων τῶν μαθητριῶν τοῦ Γυμνασίου καὶ τῶν ἐκπαιδευτηρίων. Προάγονται εἰς τὴν ἑπομένην τάξιν αἱ κάτωθι μαθήτριαι κατ᾽ ἀλφαβητικὴν σειρὰν ὡς ἀκολούθως πρὸς γνῶσιν τῶν ἐνδιαφερομένων γονέων καὶ κηδεμόνων.

Ἐξεδόθησαν τὰ ἀποτελέσματα τῶν προαγωγικῶν ἐξετάσεων τῶν μαθητριῶν τοῦ Γυμνασίου καὶ τῶν ἐκπαιδευτηρίων. Προάγονται εἰς τὴν ἑπομένην τάξιν αἱ κάτωθι μαθήτριαι κατ᾽ ἀλφαβητικὴν σειρὰν ὡς ἀκολούθως πρὸς γνῶσιν τῶν ἐνδιαφερομένων γονέων καὶ κηδεμόνων.

Ἐξεδόθησαν τὰ ἀποτελέσματα τῶν προαγωγικῶν ἐξετάσεων τῶν μαθητριῶν τοῦ Γυμνασίου καὶ τῶν ἐκπαιδευτηρίων. Προάγονται εἰς τὴν ἑπομένην τάξιν αἱ κάτωθι μαθήτριαι κατ᾽ ἀλφαβητικὴν σειρὰν ὡς ἀκολούθως πρὸς γνῶσιν τῶν ἐνδιαφερομένων γονέων καὶ κηδεμόνων.

Ἐξεδόθησαν τὰ ἀποτελέσματα τῶν προαγωγικῶν ἐξετάσεων τῶν μαθητριῶν τοῦ Γυμνασίου καὶ τῶν ἐκπαιδευτηρίων. Προάγονται εἰς τὴν ἑπομένην τάξιν αἱ κάτωθι μαθήτριαι κατ᾽ ἀλφαβητικὴν σειρὰν ὡς ἀκολούθως πρὸς γνῶσιν τῶν ἐνδιαφερομένων γονέων καὶ κηδεμόνων.

Ἐξεδόθησαν τὰ ἀποτελέσματα τῶν προαγωγικῶν ἐξετάσεων τῶν μαθητριῶν τοῦ Γυμνασίου καὶ τῶν ἐκπαιδευτηρίων. Προάγονται εἰς τὴν ἑπομένην τάξιν αἱ κάτωθι μαθήτριαι κατ᾽ ἀλφαβητικὴν σειρὰν ὡς ἀκολούθως πρὸς γνῶσιν τῶν ἐνδιαφερομένων γονέων καὶ κηδεμόνων.

Ἐξεδόθησαν τὰ ἀποτελέσματα τῶν προαγωγικῶν ἐξετάσεων τῶν μαθητριῶν τοῦ Γυμνασίου καὶ τῶν ἐκπαιδευτηρίων. Προάγονται εἰς τὴν ἑπομένην τάξιν αἱ κάτωθι μαθήτριαι κατ᾽ ἀλφαβητικὴν σειρὰν ὡς ἀκολούθως πρὸς γνῶσιν τῶν ἐνδιαφερομένων γονέων καὶ κηδεμόνων.

Ἐξεδόθησαν τὰ ἀποτελέσματα τῶν προαγωγικῶν ἐξετάσεων τῶν μαθητριῶν τοῦ Γυμνασίου καὶ τῶν ἐκπαιδευτηρίων. Προάγονται εἰς τὴν ἑπομένην τάξιν αἱ κάτωθι μαθήτριαι κατ᾽ ἀλφαβητικὴν σειρὰν ὡς ἀκολούθως πρὸς γνῶσιν τῶν ἐνδιαφερομένων γονέων καὶ κηδεμόνων.

Ἐξεδόθησαν τὰ ἀποτελέσματα τῶν προαγωγικῶν ἐξετάσεων τῶν μαθητριῶν τοῦ Γυμνασίου καὶ τῶν ἐκπαιδευτηρίων. Προάγονται εἰς τὴν ἑπομένην τάξιν αἱ κάτωθι μαθήτριαι κατ᾽ ἀλφαβητικὴν σειρὰν ὡς ἀκολούθως πρὸς γνῶσιν τῶν ἐνδιαφερομένων γονέων καὶ κηδεμόνων.

Ἐξεδόθησαν τὰ ἀποτελέσματα τῶν προαγωγικῶν ἐξετάσεων τῶν μαθητριῶν τοῦ Γυμνασίου καὶ τῶν ἐκπαιδευτηρίων. Προάγονται εἰς τὴν ἑπομένην τάξιν αἱ κάτωθι μαθήτριαι κατ᾽ ἀλφαβητικὴν σειρὰν ὡς ἀκολούθως πρὸς γνῶσιν τῶν ἐνδιαφερομένων γονέων καὶ κηδεμόνων.

Ἐξεδόθησαν τὰ ἀποτελέσματα τῶν προαγωγικῶν ἐξετάσεων τῶν μαθητριῶν τοῦ Γυμνασίου καὶ τῶν ἐκπαιδευτηρίων. Προάγονται εἰς τὴν ἑπομένην τάξιν αἱ κάτωθι μαθήτριαι κατ᾽ ἀλφαβητικὴν σειρὰν ὡς ἀκολούθως πρὸς γνῶσιν τῶν ἐνδιαφερομένων γονέων καὶ κηδεμόνων.

Ἐξεδόθησαν τὰ ἀποτελέσματα τῶν προαγωγικῶν ἐξετάσεων τῶν μαθητριῶν τοῦ Γυμνασίου καὶ τῶν ἐκπαιδευτηρίων. Προάγονται εἰς τὴν ἑπομένην τάξιν αἱ κάτωθι μαθήτριαι κατ᾽ ἀλφαβητικὴν σειρὰν ὡς ἀκολούθως πρὸς γνῶσιν τῶν ἐνδιαφερομένων γονέων καὶ κηδεμόνων.

Ἐξεδόθησαν τὰ ἀποτελέσματα τῶν προαγωγικῶν ἐξετάσεων τῶν μαθητριῶν τοῦ Γυμνασίου καὶ τῶν ἐκπαιδευτηρίων. Προάγονται εἰς τὴν ἑπομένην τάξιν αἱ κάτωθι μαθήτριαι κατ᾽ ἀλφαβητικὴν σειρὰν ὡς ἀκολούθως πρὸς γνῶσιν τῶν ἐνδιαφερομένων γονέων καὶ κηδεμόνων.

ΤΩΝ ΕΚΠΑΙΔΕΥΤΗΡΙΩΝ ΒΑΛΑΓΙΑΝΝΗ

Ἐξεδόθησαν τὰ ἀποτελέσματα τῶν προαγωγικῶν ἐξετάσεων τῶν μαθητριῶν τοῦ Γυμνασίου καὶ τῶν ἐκπαιδευτηρίων. Προάγονται εἰς τὴν ἑπομένην τάξιν αἱ κάτωθι μαθήτριαι κατ᾽ ἀλφαβητικὴν σειρὰν ὡς ἀκολούθως πρὸς γνῶσιν τῶν ἐνδιαφερομένων γονέων καὶ κηδεμόνων.

Ἐξεδόθησαν τὰ ἀποτελέσματα τῶν προαγωγικῶν ἐξετάσεων τῶν μαθητριῶν τοῦ Γυμνασίου καὶ τῶν ἐκπαιδευτηρίων. Προάγονται εἰς τὴν ἑπομένην τάξιν αἱ κάτωθι μαθήτριαι κατ᾽ ἀλφαβητικὴν σειρὰν ὡς ἀκολούθως πρὸς γνῶσιν τῶν ἐνδιαφερομένων γονέων καὶ κηδεμόνων.

Ἐξεδόθησαν τὰ ἀποτελέσματα τῶν προαγωγικῶν ἐξετάσεων τῶν μαθητριῶν τοῦ Γυμνασίου καὶ τῶν ἐκπαιδευτηρίων. Προάγονται εἰς τὴν ἑπομένην τάξιν αἱ κάτωθι μαθήτριαι κατ᾽ ἀλφαβητικὴν σειρὰν ὡς ἀκολούθως πρὸς γνῶσιν τῶν ἐνδιαφερομένων γονέων καὶ κηδεμόνων.

Ἐξεδόθησαν τὰ ἀποτελέσματα τῶν προαγωγικῶν ἐξετάσεων τῶν μαθητριῶν τοῦ Γυμνασίου καὶ τῶν ἐκπαιδευτηρίων. Προάγονται εἰς τὴν ἑπομένην τάξιν αἱ κάτωθι μαθήτριαι κατ᾽ ἀλφαβητικὴν σειρὰν ὡς ἀκολούθως πρὸς γνῶσιν τῶν ἐνδιαφερομένων γονέων καὶ κηδεμόνων.

Ἐξεδόθησαν τὰ ἀποτελέσματα τῶν προαγωγικῶν ἐξετάσεων τῶν μαθητριῶν τοῦ Γυμνασίου καὶ τῶν ἐκπαιδευτηρίων. Προάγονται εἰς τὴν ἑπομένην τάξιν αἱ κάτωθι μαθήτριαι κατ᾽ ἀλφαβητικὴν σειρὰν ὡς ἀκολούθως πρὸς γνῶσιν τῶν ἐνδιαφερομένων γονέων καὶ κηδεμόνων.

Ἐξεδόθησαν τὰ ἀποτελέσματα τῶν προαγωγικῶν ἐξετάσεων τῶν μαθητριῶν τοῦ Γυμνασίου καὶ τῶν ἐκπαιδευτηρίων. Προάγονται εἰς τὴν ἑπομένην τάξιν αἱ κάτωθι μαθήτριαι κατ᾽ ἀλφαβητικὴν σειρὰν ὡς ἀκολούθως πρὸς γνῶσιν τῶν ἐνδιαφερομένων γονέων καὶ κηδεμόνων.

Ἐξεδόθησαν τὰ ἀποτελέσματα τῶν προαγωγικῶν ἐξετάσεων τῶν μαθητριῶν τοῦ Γυμνασίου καὶ τῶν ἐκπαιδευτηρίων. Προάγονται εἰς τὴν ἑπομένην τάξιν αἱ κάτωθι μαθήτριαι κατ᾽ ἀλφαβητικὴν σειρὰν ὡς ἀκολούθως πρὸς γνῶσιν τῶν ἐνδιαφερομένων γονέων καὶ κηδεμόνων.

Ἐξεδόθησαν τὰ ἀποτελέσματα τῶν προαγωγικῶν ἐξετάσεων τῶν μαθητριῶν τοῦ Γυμνασίου καὶ τῶν ἐκπαιδευτηρίων. Προάγονται εἰς τὴν ἑπομένην τάξιν αἱ κάτωθι μαθήτριαι κατ᾽ ἀλφαβητικὴν σειρὰν ὡς ἀκολούθως πρὸς γνῶσιν τῶν ἐνδιαφερομένων γονέων καὶ κηδεμόνων.

Ἐξεδόθησαν τὰ ἀποτελέσματα τῶν προαγωγικῶν ἐξετάσεων τῶν μαθητριῶν τοῦ Γυμνασίου καὶ τῶν ἐκπαιδευτηρίων. Προάγονται εἰς τὴν ἑπομένην τάξιν αἱ κάτωθι μαθήτριαι κατ᾽ ἀλφαβητικὴν σειρὰν ὡς ἀκολούθως πρὸς γνῶσιν τῶν ἐνδιαφερομένων γονέων καὶ κηδεμόνων.

ΥΠΟ ΤΩΝ ΥΠΕΡΑΣΤΙΚΩΝ ΛΕΩΦΟΡΕΙΟΥΧΩΝ ΖΗΤΕΙΤΑΙ Η ΜΕΤΑΘΕΣΙΣ ΤΟΥ ΦΟΡΟΥ ΔΙΑ ΤΗΝ ΟΔΟΠΟΙΙΑΝ ΚΑΙ Η ΑΥΞΗΣΙΣ ΤΟΥ ΟΡΙΟΥ ΗΛΙΚΙΑΣ ΤΩΝ ΟΧΗΜΑΤΩΝ

Ἐξεδόθησαν τὰ ἀποτελέσματα τῶν προαγωγικῶν ἐξετάσεων τῶν μαθητριῶν τοῦ Γυμνασίου καὶ τῶν ἐκπαιδευτηρίων. Προάγονται εἰς τὴν ἑπομένην τάξιν αἱ κάτωθι μαθήτριαι κατ᾽ ἀλφαβητικὴν σειρὰν ὡς ἀκολούθως πρὸς γνῶσιν τῶν ἐνδιαφερομένων γονέων καὶ κηδεμόνων.

Ἐξεδόθησαν τὰ ἀποτελέσματα τῶν προαγωγικῶν ἐξετάσεων τῶν μαθητριῶν τοῦ Γυμνασίου καὶ τῶν ἐκπαιδευτηρίων. Προάγονται εἰς τὴν ἑπομένην τάξιν αἱ κάτωθι μαθήτριαι κατ᾽ ἀλφαβητικὴν σειρὰν ὡς ἀκολούθως πρὸς γνῶσιν τῶν ἐνδιαφερομένων γονέων καὶ κηδεμόνων.

Ἐξεδόθησαν τὰ ἀποτελέσματα τῶν προαγωγικῶν ἐξετάσεων τῶν μαθητριῶν τοῦ Γυμνασίου καὶ τῶν ἐκπαιδευτηρίων. Προάγονται εἰς τὴν ἑπομένην τάξιν αἱ κάτωθι μαθήτριαι κατ᾽ ἀλφαβητικὴν σειρὰν ὡς ἀκολούθως πρὸς γνῶσιν τῶν ἐνδιαφερομένων γονέων καὶ κηδεμόνων.

Ἐξεδόθησαν τὰ ἀποτελέσματα τῶν προαγωγικῶν ἐξετάσεων τῶν μαθητριῶν τοῦ Γυμνασίου καὶ τῶν ἐκπαιδευτηρίων. Προάγονται εἰς τὴν ἑπομένην τάξιν αἱ κάτωθι μαθήτριαι κατ᾽ ἀλφαβητικὴν σειρὰν ὡς ἀκολούθως πρὸς γνῶσιν τῶν ἐνδιαφερομένων γονέων καὶ κηδεμόνων.

Η 47Η ΕΠΕΤΕΙΟΣ ΤΗΣ ΑΠΕΛΕΥΘΕΡΩΣΕΩΣ ΤΟΥ ΣΙΔΗΡΟΚΑΣΤΡΟΥ

Ἐξεδόθησαν τὰ ἀποτελέσματα τῶν προαγωγικῶν ἐξετάσεων τῶν μαθητριῶν τοῦ Γυμνασίου καὶ τῶν ἐκπαιδευτηρίων. Προάγονται εἰς τὴν ἑπομένην τάξιν αἱ κάτωθι μαθήτριαι κατ᾽ ἀλφαβητικὴν σειρὰν ὡς ἀκολούθως πρὸς γνῶσιν τῶν ἐνδιαφερομένων γονέων καὶ κηδεμόνων.

Ο Κ. ΒΕΝΙΖΕΛΟΣ ΕΥΧΑΡΙΣΤΕΙ ΤΟΝ ΔΗΜΟΝ ΧΑΝΙΩΝ ΔΙΑ ΤΟΝ ΑΝΔΡΙΑΝΤΑ

Ἐξεδόθησαν τὰ ἀποτελέσματα τῶν προαγωγικῶν ἐξετάσεων τῶν μαθητριῶν τοῦ Γυμνασίου καὶ τῶν ἐκπαιδευτηρίων. Προάγονται εἰς τὴν ἑπομένην τάξιν αἱ κάτωθι μαθήτριαι κατ᾽ ἀλφαβητικὴν σειρὰν ὡς ἀκολούθως πρὸς γνῶσιν τῶν ἐνδιαφερομένων γονέων καὶ κηδεμόνων.

Η ΣΕΙΡΑ ΠΛΗΡΩΜΗΣ ΤΩΝ ΣΥΝΤΑΞΙΟΥΧΩΝ

Ἐξεδόθησαν τὰ ἀποτελέσματα τῶν προαγωγικῶν ἐξετάσεων τῶν μαθητριῶν τοῦ Γυμνασίου καὶ τῶν ἐκπαιδευτηρίων. Προάγονται εἰς τὴν ἑπομένην τάξιν αἱ κάτωθι μαθήτριαι κατ᾽ ἀλφαβητικὴν σειρὰν ὡς ἀκολούθως πρὸς γνῶσιν τῶν ἐνδιαφερομένων γονέων καὶ κηδεμόνων.

Ἐξεδόθησαν τὰ ἀποτελέσματα τῶν προαγωγικῶν ἐξετάσεων τῶν μαθητριῶν τοῦ Γυμνασίου καὶ τῶν ἐκπαιδευτηρίων. Προάγονται εἰς τὴν ἑπομένην τάξιν αἱ κάτωθι μαθήτριαι κατ᾽ ἀλφαβητικὴν σειρὰν ὡς ἀκολούθως πρὸς γνῶσιν τῶν ἐνδιαφερομένων γονέων καὶ κηδεμόνων.

Ἐξεδόθησαν τὰ ἀποτελέσματα τῶν προαγωγικῶν ἐξετάσεων τῶν μαθητριῶν τοῦ Γυμνασίου καὶ τῶν ἐκπαιδευτηρίων. Προάγονται εἰς τὴν ἑπομένην τάξιν αἱ κάτωθι μαθήτριαι κατ᾽ ἀλφαβητικὴν σειρὰν ὡς ἀκολούθως πρὸς γνῶσιν τῶν ἐνδιαφερομένων γονέων καὶ κηδεμόνων.

Ἐξεδόθησαν τὰ ἀποτελέσματα τῶν προαγωγικῶν ἐξετάσεων τῶν μαθητριῶν τοῦ Γυμνασίου καὶ τῶν ἐκπαιδευτηρίων. Προάγονται εἰς τὴν ἑπομένην τάξιν αἱ κάτωθι μαθήτριαι κατ᾽ ἀλφαβητικὴν σειρὰν ὡς ἀκολούθως πρὸς γνῶσιν τῶν ἐνδιαφερομένων γονέων καὶ κηδεμόνων.

ΑΠΕΒΙΩΣΕΝ ΕΙΣ ΒΙΕΝΝΗΝ Ο ΜΟΡΙΤΣ ΕΣΤΕΡΧΑΖΥ

Ἐξεδόθησαν τὰ ἀποτελέσματα τῶν προαγωγικῶν ἐξετάσεων τῶν μαθητριῶν τοῦ Γυμνασίου καὶ τῶν ἐκπαιδευτηρίων. Προάγονται εἰς τὴν ἑπομένην τάξιν αἱ κάτωθι μαθήτριαι κατ᾽ ἀλφαβητικὴν σειρὰν ὡς ἀκολούθως πρὸς γνῶσιν τῶν ἐνδιαφερομένων γονέων καὶ κηδεμόνων.

ΚΕΝΤΡΟΝ ΡΑΔΙΟ-ΣΟΤΟΠΩΝ ΙΔΡΥΕΤΑΙ ΕΙΣ ΚΑΙ-ΡΟΝ

Ἐξεδόθησαν τὰ ἀποτελέσματα τῶν προαγωγικῶν ἐξετάσεων τῶν μαθητριῶν τοῦ Γυμνασίου καὶ τῶν ἐκπαιδευτηρίων. Προάγονται εἰς τὴν ἑπομένην τάξιν αἱ κάτωθι μαθήτριαι κατ᾽ ἀλφαβητικὴν σειρὰν ὡς ἀκολούθως πρὸς γνῶσιν τῶν ἐνδιαφερομένων γονέων καὶ κηδεμόνων.

ΤΑ ΠΟΣΟΣΤΑ ΚΕΡΔΟΥΣ ΤΩΝ ΦΑΡΜΑΚΟΠΟΙΩΝ

Ἐξεδόθησαν τὰ ἀποτελέσματα τῶν προαγωγικῶν ἐξετάσεων τῶν μαθητριῶν τοῦ Γυμνασίου καὶ τῶν ἐκπαιδευτηρίων. Προάγονται εἰς τὴν ἑπομένην τάξιν αἱ κάτωθι μαθήτριαι κατ᾽ ἀλφαβητικὴν σειρὰν ὡς ἀκολούθως πρὸς γνῶσιν τῶν ἐνδιαφερομένων γονέων καὶ κηδεμόνων.

ΜΙΚΡΑΙ ΕΓΧΩΡΙΟΙ ΕΙΔΗΣΕΙΣ ΧΩΡΙΣ ΤΙΤΛΟΝ

Ἐξεδόθησαν τὰ ἀποτελέσματα τῶν προαγωγικῶν ἐξετάσεων τῶν μαθητριῶν τοῦ Γυμνασίου καὶ τῶν ἐκπαιδευτηρίων. Προάγονται εἰς τὴν ἑπομένην τάξιν αἱ κάτωθι μαθήτριαι κατ᾽ ἀλφαβητικὴν σειρὰν ὡς ἀκολούθως πρὸς γνῶσιν τῶν ἐνδιαφερομένων γονέων καὶ κηδεμόνων.

Ἐξεδόθησαν τὰ ἀποτελέσματα τῶν προαγωγικῶν ἐξετάσεων τῶν μαθητριῶν τοῦ Γυμνασίου καὶ τῶν ἐκπαιδευτηρίων. Προάγονται εἰς τὴν ἑπομένην τάξιν αἱ κάτωθι μαθήτριαι κατ᾽ ἀλφαβητικὴν σειρὰν ὡς ἀκολούθως πρὸς γνῶσιν τῶν ἐνδιαφερομένων γονέων καὶ κηδεμόνων.

Ἐξεδόθησαν τὰ ἀποτελέσματα τῶν προαγωγικῶν ἐξετάσεων τῶν μαθητριῶν τοῦ Γυμνασίου καὶ τῶν ἐκπαιδευτηρίων. Προάγονται εἰς τὴν ἑπομένην τάξιν αἱ κάτωθι μαθήτριαι κατ᾽ ἀλφαβητικὴν σειρὰν ὡς ἀκολούθως πρὸς γνῶσιν τῶν ἐνδιαφερομένων γονέων καὶ κηδεμόνων.

ΦΟΙΤΗΤΙΚΑ ΝΕΑ

Ἐξεδόθησαν τὰ ἀποτελέσματα τῶν προαγωγικῶν ἐξετάσεων τῶν μαθητριῶν τοῦ Γυμνασίου καὶ τῶν ἐκπαιδευτηρίων. Προάγονται εἰς τὴν ἑπομένην τάξιν αἱ κάτωθι μαθήτριαι κατ᾽ ἀλφαβητικὴν σειρὰν ὡς ἀκολούθως πρὸς γνῶσιν τῶν ἐνδιαφερομένων γονέων καὶ κηδεμόνων.

Ἐξεδόθησαν τὰ ἀποτελέσματα τῶν προαγωγικῶν ἐξετάσεων τῶν μαθητριῶν τοῦ Γυμνασίου καὶ τῶν ἐκπαιδευτηρίων. Προάγονται εἰς τὴν ἑπομένην τάξιν αἱ κάτωθι μαθήτριαι κατ᾽ ἀλφαβητικὴν σειρὰν ὡς ἀκολούθως πρὸς γνῶσιν τῶν ἐνδιαφερομένων γονέων καὶ κηδεμόνων.

ΕΝ ΑΠΟΓΝΩΣΕΙ ΟΙ ΚΑΠΝΕΡΓΑΤΑΙ ΚΟΜΟΤΗΝΗΣ
ΘΑ ΚΑΤΕΛΘΟΥΝ ΚΑΙ ΕΙΣ ΑΠΕΡΓΙΑΝ ΠΕΙΝΗΣ
Οἱ πεντακόσιοι καὶ πλέον καπνεργάται καὶ καπνεργάτριαι τῆς Κομοτινής, οἱ ὁποῖοι κατῆλθον εἰς εἰκοσιτετράωρον ἀπεργίαν.

ΑΘΗΝΑΙ, 28. — Ἡ Γενικὴ Συνομοσπονδία Ἐργατῶν Ἑλλάδος ἀπεφάσισε τὴν σύγκλησιν τοπικῶν συνεδρίων τῶν ἐργατικῶν κέντρων πρὸς ἐξέτασιν τῶν ἐκκρεμούντων ζητημάτων τῶν ἐργαζομένων καὶ τῶν αἰτημάτων αὐτῶν.

ΑΘΗΝΑΙ, 28. — Ἡ Γενικὴ Συνομοσπονδία Ἐργατῶν Ἑλλάδος ἀπεφάσισε τὴν σύγκλησιν τοπικῶν συνεδρίων τῶν ἐργατικῶν κέντρων πρὸς ἐξέτασιν τῶν ἐκκρεμούντων ζητημάτων τῶν ἐργαζομένων καὶ τῶν αἰτημάτων αὐτῶν.

ΑΘΗΝΑΙ, 28. — Ἡ Γενικὴ Συνομοσπονδία Ἐργατῶν Ἑλλάδος ἀπεφάσισε τὴν σύγκλησιν τοπικῶν συνεδρίων τῶν ἐργατικῶν κέντρων πρὸς ἐξέτασιν τῶν ἐκκρεμούντων ζητημάτων τῶν ἐργαζομένων καὶ τῶν αἰτημάτων αὐτῶν.

ΑΘΗΝΑΙ, 28. — Ἡ Γενικὴ Συνομοσπονδία Ἐργατῶν Ἑλλάδος ἀπεφάσισε τὴν σύγκλησιν τοπικῶν συνεδρίων τῶν ἐργατικῶν κέντρων πρὸς ἐξέτασιν τῶν ἐκκρεμούντων ζητημάτων τῶν ἐργαζομένων καὶ τῶν αἰτημάτων αὐτῶν.

Η Γ.Σ.Ε.Ε. ΘΑ ΣΥΓΚΑΛΕΣΗ ΤΟΠΙΚΑ ΣΥΝΕΔΡΙΑ ΤΩΝ ΚΕΝΤΡΩΝ ΑΘΗΝΩΝ, ΠΕΙΡΑΙΩΣ, ΠΑΤΡΩΝ ΠΡΟΣ ΕΞΕΤΑΣΙΝ ΤΩΝ ΖΗΤΗΜΑΤΩΝ

ΑΘΗΝΑΙ, 28. — Ἡ Γενικὴ Συνομοσπονδία Ἐργατῶν Ἑλλάδος ἀπεφάσισε τὴν σύγκλησιν τοπικῶν συνεδρίων τῶν ἐργατικῶν κέντρων πρὸς ἐξέτασιν τῶν ἐκκρεμούντων ζητημάτων τῶν ἐργαζομένων καὶ τῶν αἰτημάτων αὐτῶν.

ΑΘΗΝΑΙ, 28. — Ἡ Γενικὴ Συνομοσπονδία Ἐργατῶν Ἑλλάδος ἀπεφάσισε τὴν σύγκλησιν τοπικῶν συνεδρίων τῶν ἐργατικῶν κέντρων πρὸς ἐξέτασιν τῶν ἐκκρεμούντων ζητημάτων τῶν ἐργαζομένων καὶ τῶν αἰτημάτων αὐτῶν.

ΑΘΗΝΑΙ, 28. — Ἡ Γενικὴ Συνομοσπονδία Ἐργατῶν Ἑλλάδος ἀπεφάσισε τὴν σύγκλησιν τοπικῶν συνεδρίων τῶν ἐργατικῶν κέντρων πρὸς ἐξέτασιν τῶν ἐκκρεμούντων ζητημάτων τῶν ἐργαζομένων καὶ τῶν αἰτημάτων αὐτῶν.

ΓΥΝΗ ΕΛΕΥΘΕΡΩΘΗ ΣΤΕΡΗΘΕΙΣΑ ΔΙΑ ΕΥΡΕΘΟΥΝ ΤΩΝ ΣΥΝΟΔΩΝ ΤΗΣ ΡΑΠΤΗΝ

ΑΘΗΝΑΙ, 28. — Ἡ Γενικὴ Συνομοσπονδία Ἐργατῶν Ἑλλάδος ἀπεφάσισε τὴν σύγκλησιν τοπικῶν συνεδρίων τῶν ἐργατικῶν κέντρων πρὸς ἐξέτασιν τῶν ἐκκρεμούντων ζητημάτων τῶν ἐργαζομένων καὶ τῶν αἰτημάτων αὐτῶν.

ΑΙ ΑΝΑΓΚΑΙ ΤΩΝ ΝΟΣΟΚΟΜΕΙΩΝ ΑΝΑΓΚΑΙΟΝ ΣΧΟΛΕΙΩΝ

ΑΘΗΝΑΙ, 28. — Ἡ Γενικὴ Συνομοσπονδία Ἐργατῶν Ἑλλάδος ἀπεφάσισε τὴν σύγκλησιν τοπικῶν συνεδρίων τῶν ἐργατικῶν κέντρων πρὸς ἐξέτασιν τῶν ἐκκρεμούντων ζητημάτων τῶν ἐργαζομένων καὶ τῶν αἰτημάτων αὐτῶν.

ΕΓΚΑΤΑΣΤΑΣΙΝ 130.000 ΝΕΩΝ ΤΗΛΕΦΩΝΙΚΩΝ ΣΥΝΔΕΣΕΩΝ ΠΡΟΒΛΕΠΕΙ ΜΕΧΡΙ ΤΟΥ 1964 ΤΟ ΠΡΟΓΡΑΜΜΑ ΤΟΥ Ο.Τ.Ε.

ΑΘΗΝΑΙ, 28. — Ἡ Γενικὴ Συνομοσπονδία Ἐργατῶν Ἑλλάδος ἀπεφάσισε τὴν σύγκλησιν τοπικῶν συνεδρίων τῶν ἐργατικῶν κέντρων πρὸς ἐξέτασιν τῶν ἐκκρεμούντων ζητημάτων τῶν ἐργαζομένων καὶ τῶν αἰτημάτων αὐτῶν.

ΑΘΗΝΑΙ, 28. — Ἡ Γενικὴ Συνομοσπονδία Ἐργατῶν Ἑλλάδος ἀπεφάσισε τὴν σύγκλησιν τοπικῶν συνεδρίων τῶν ἐργατικῶν κέντρων πρὸς ἐξέτασιν τῶν ἐκκρεμούντων ζητημάτων τῶν ἐργαζομένων καὶ τῶν αἰτημάτων αὐτῶν.

ΑΘΗΝΑΙ, 28. — Ἡ Γενικὴ Συνομοσπονδία Ἐργατῶν Ἑλλάδος ἀπεφάσισε τὴν σύγκλησιν τοπικῶν συνεδρίων τῶν ἐργατικῶν κέντρων πρὸς ἐξέτασιν τῶν ἐκκρεμούντων ζητημάτων τῶν ἐργαζομένων καὶ τῶν αἰτημάτων αὐτῶν.

ΑΘΗΝΑΙ, 28. — Ἡ Γενικὴ Συνομοσπονδία Ἐργατῶν Ἑλλάδος ἀπεφάσισε τὴν σύγκλησιν τοπικῶν συνεδρίων τῶν ἐργατικῶν κέντρων πρὸς ἐξέτασιν τῶν ἐκκρεμούντων ζητημάτων τῶν ἐργαζομένων καὶ τῶν αἰτημάτων αὐτῶν.

ΔΟΞΟΛΟΓΙΑΙ ΕΙΣ ΑΘΗΝΑΣ ΚΑΙ ΘΕΣΣΑΛΟΝΙΚΗΝ ΕΠΙ ΤΗ ΟΝΟΜΑΣΤΙΚΗ ΕΟΡΤΗ ΤΟΥ ΒΑΣΙΛΕΩΣ

ΑΘΗΝΑΙ, 28. — Ἡ Γενικὴ Συνομοσπονδία Ἐργατῶν Ἑλλάδος ἀπεφάσισε τὴν σύγκλησιν τοπικῶν συνεδρίων τῶν ἐργατικῶν κέντρων πρὸς ἐξέτασιν τῶν ἐκκρεμούντων ζητημάτων τῶν ἐργαζομένων καὶ τῶν αἰτημάτων αὐτῶν.

ΕΙΣ ΤΑΣ ΑΘΗΝΑΣ

ΑΘΗΝΑΙ, 28. — Ἡ Γενικὴ Συνομοσπονδία Ἐργατῶν Ἑλλάδος ἀπεφάσισε τὴν σύγκλησιν τοπικῶν συνεδρίων τῶν ἐργατικῶν κέντρων πρὸς ἐξέτασιν τῶν ἐκκρεμούντων ζητημάτων τῶν ἐργαζομένων καὶ τῶν αἰτημάτων αὐτῶν.

Ο ΑΠΕΡΓΙΑΚΟΣ ΟΙ ΥΠΑΛΛΗΛΟΙ ΣΙΔΗΡΟΔΡΟΜΩΝ ΚΑΙ ΛΙΜΕΝΩΝ

ΑΘΗΝΑΙ, 28. — Ἡ Γενικὴ Συνομοσπονδία Ἐργατῶν Ἑλλάδος ἀπεφάσισε τὴν σύγκλησιν τοπικῶν συνεδρίων τῶν ἐργατικῶν κέντρων πρὸς ἐξέτασιν τῶν ἐκκρεμούντων ζητημάτων τῶν ἐργαζομένων καὶ τῶν αἰτημάτων αὐτῶν.

Η ΕΟΡΤΗ ΤΗΣ ΣΧΟΛΗΣ ΑΓΙΑΣ ΑΝΑΣΤΑΣΙΑΣ

ΑΘΗΝΑΙ, 28. — Ἡ Γενικὴ Συνομοσπονδία Ἐργατῶν Ἑλλάδος ἀπεφάσισε τὴν σύγκλησιν τοπικῶν συνεδρίων τῶν ἐργατικῶν κέντρων πρὸς ἐξέτασιν τῶν ἐκκρεμούντων ζητημάτων τῶν ἐργαζομένων καὶ τῶν αἰτημάτων αὐτῶν.

ΝΟΜΙΜΩΣ ΣΤΕΡΕΙΤΑΙ ΤΗΣ ΕΡΓΑΤΙΚΗΣ ΚΑΤΟΙΚΙΑΣ Ο ΑΠΟΚΤΗΣΑΣ ΟΙΚΙΑΝ ΚΑΙ ΜΕΤΑ ΤΗΝ ΚΛΗΡΩΣΙΝ

ΑΘΗΝΑΙ, 28. — Ἡ Γενικὴ Συνομοσπονδία Ἐργατῶν Ἑλλάδος ἀπεφάσισε τὴν σύγκλησιν τοπικῶν συνεδρίων τῶν ἐργατικῶν κέντρων πρὸς ἐξέτασιν τῶν ἐκκρεμούντων ζητημάτων τῶν ἐργαζομένων καὶ τῶν αἰτημάτων αὐτῶν.

ΑΘΗΝΑΙ, 28. — Ἡ Γενικὴ Συνομοσπονδία Ἐργατῶν Ἑλλάδος ἀπεφάσισε τὴν σύγκλησιν τοπικῶν συνεδρίων τῶν ἐργατικῶν κέντρων πρὸς ἐξέτασιν τῶν ἐκκρεμούντων ζητημάτων τῶν ἐργαζομένων καὶ τῶν αἰτημάτων αὐτῶν.

Η ΤΑΚΤΙΚΗ ΑΝΑΚΡΙΣΙΣ ΔΙΑ ΤΟΥΣ ΚΟΜΜΟΥΝΙΣΤΑΣ ΣΤΕΡΜΑΤΙΣΘΗ

ΑΘΗΝΑΙ, 28. — Ἡ Γενικὴ Συνομοσπονδία Ἐργατῶν Ἑλλάδος ἀπεφάσισε τὴν σύγκλησιν τοπικῶν συνεδρίων τῶν ἐργατικῶν κέντρων πρὸς ἐξέτασιν τῶν ἐκκρεμούντων ζητημάτων τῶν ἐργαζομένων καὶ τῶν αἰτημάτων αὐτῶν.

ΜΕΤΑΒΟΛΑΙ ΑΝΩΤΕΡΩΝ ΚΑΙ ΚΟΙΝΟΤΙΚΩΝ ΥΠΑΛΛΗΛΩΝ

ΑΘΗΝΑΙ, 28. — Ἡ Γενικὴ Συνομοσπονδία Ἐργατῶν Ἑλλάδος ἀπεφάσισε τὴν σύγκλησιν τοπικῶν συνεδρίων τῶν ἐργατικῶν κέντρων πρὸς ἐξέτασιν τῶν ἐκκρεμούντων ζητημάτων τῶν ἐργαζομένων καὶ τῶν αἰτημάτων αὐτῶν.

ΑΙ ΕΞΑΧΘΕΙΣΑΙ ΠΟΣΟΤΗΤΕΣ ΚΑΠΝΟΥ ΚΑΤΑ ΤΟΝ ΜΑΪΟΝ

ΑΘΗΝΑΙ, 28. — Ἡ Γενικὴ Συνομοσπονδία Ἐργατῶν Ἑλλάδος ἀπεφάσισε τὴν σύγκλησιν τοπικῶν συνεδρίων τῶν ἐργατικῶν κέντρων πρὸς ἐξέτασιν τῶν ἐκκρεμούντων ζητημάτων τῶν ἐργαζομένων καὶ τῶν αἰτημάτων αὐτῶν.

ΑΘΗΝΑΙ, 28. — Ἡ Γενικὴ Συνομοσπονδία Ἐργατῶν Ἑλλάδος ἀπεφάσισε τὴν σύγκλησιν τοπικῶν συνεδρίων τῶν ἐργατικῶν κέντρων πρὸς ἐξέτασιν τῶν ἐκκρεμούντων ζητημάτων τῶν ἐργαζομένων καὶ τῶν αἰτημάτων αὐτῶν.

ΑΘΗΝΑΙ, 28. — Ἡ Γενικὴ Συνομοσπονδία Ἐργατῶν Ἑλλάδος ἀπεφάσισε τὴν σύγκλησιν τοπικῶν συνεδρίων τῶν ἐργατικῶν κέντρων πρὸς ἐξέτασιν τῶν ἐκκρεμούντων ζητημάτων τῶν ἐργαζομένων καὶ τῶν αἰτημάτων αὐτῶν.

ΑΘΗΝΑΙ, 28. — Ἡ Γενικὴ Συνομοσπονδία Ἐργατῶν Ἑλλάδος ἀπεφάσισε τὴν σύγκλησιν τοπικῶν συνεδρίων τῶν ἐργατικῶν κέντρων πρὸς ἐξέτασιν τῶν ἐκκρεμούντων ζητημάτων τῶν ἐργαζομένων καὶ τῶν αἰτημάτων αὐτῶν.
